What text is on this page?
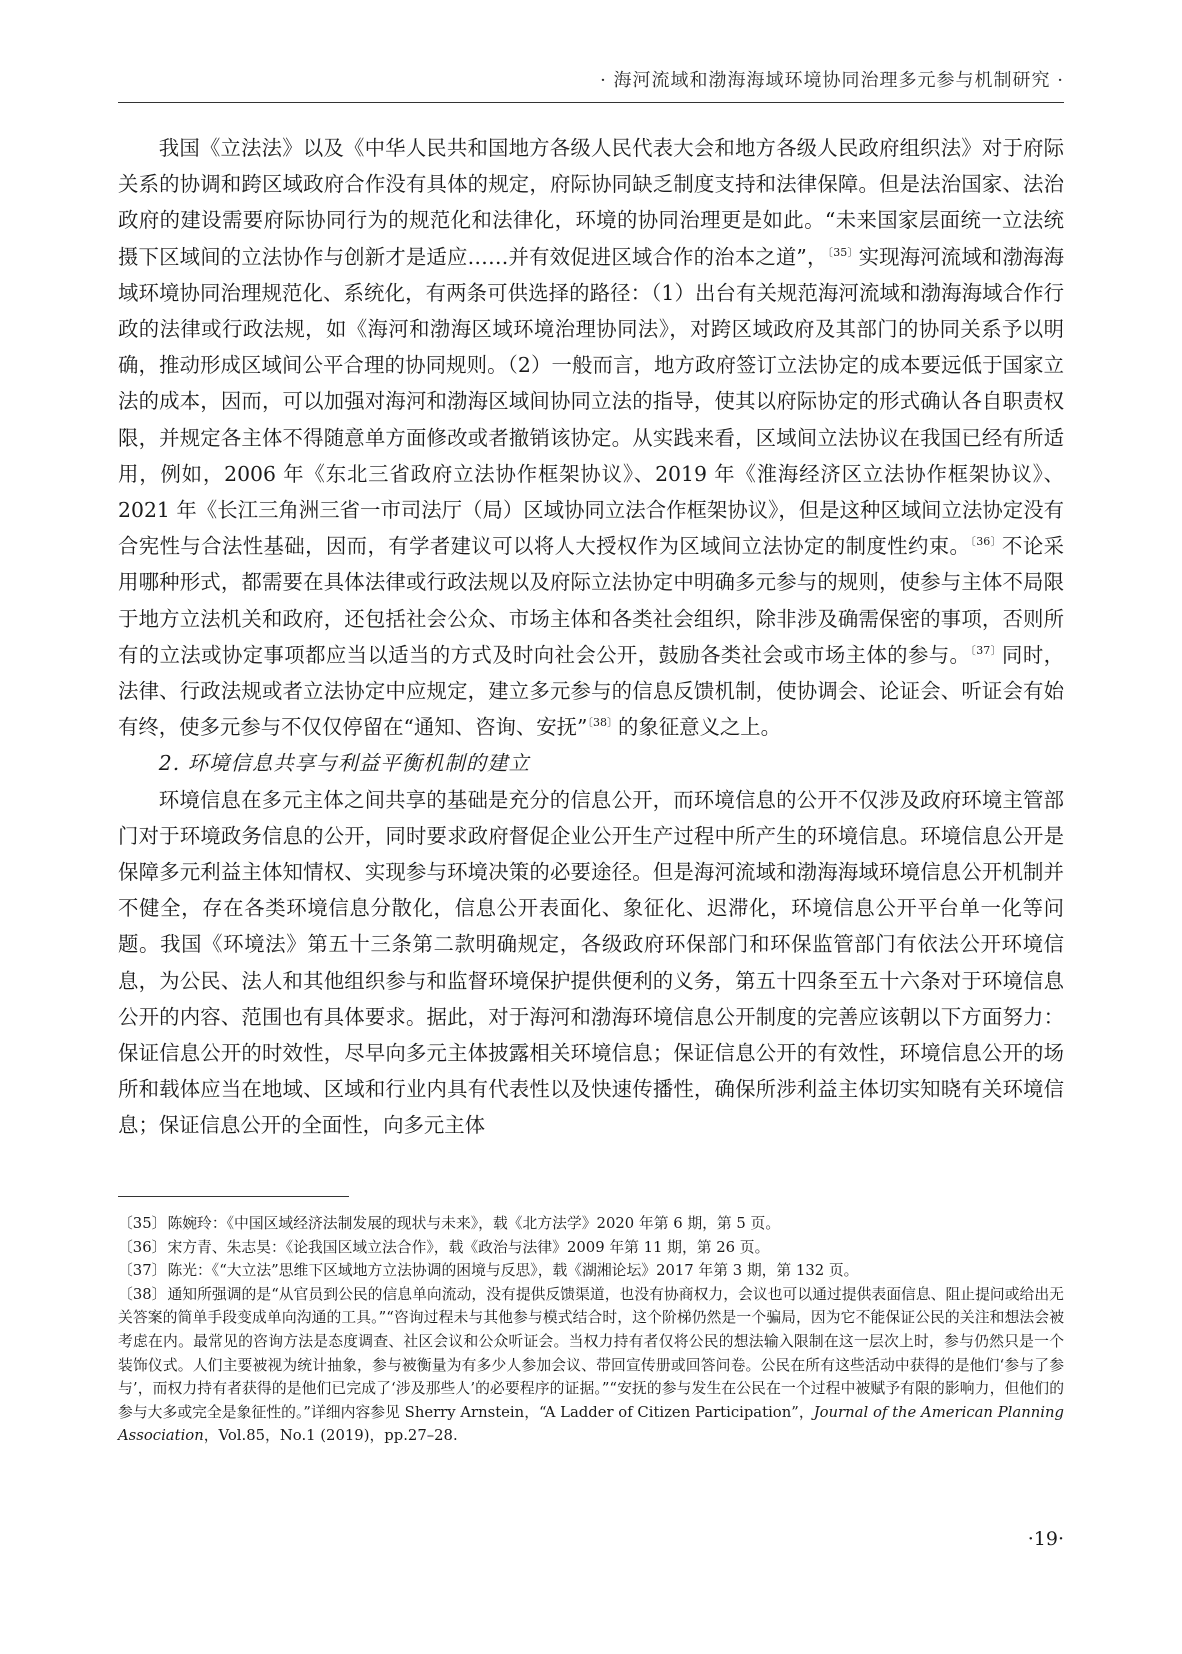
· 海河流域和渤海海域环境协同治理多元参与机制研究 ·

我国《立法法》以及《中华人民共和国地方各级人民代表大会和地方各级人民政府组织法》对于府际关系的协调和跨区域政府合作没有具体的规定，府际协同缺乏制度支持和法律保障。但是法治国家、法治政府的建设需要府际协同行为的规范化和法律化，环境的协同治理更是如此。“未来国家层面统一立法统摄下区域间的立法协作与创新才是适应……并有效促进区域合作的治本之道”，$^{〔35〕}$实现海河流域和渤海海域环境协同治理规范化、系统化，有两条可供选择的路径：（1）出台有关规范海河流域和渤海海域合作行政的法律或行政法规，如《海河和渤海区域环境治理协同法》，对跨区域政府及其部门的协同关系予以明确，推动形成区域间公平合理的协同规则。（2）一般而言，地方政府签订立法协定的成本要远低于国家立法的成本，因而，可以加强对海河和渤海区域间协同立法的指导，使其以府际协定的形式确认各自职责权限，并规定各主体不得随意单方面修改或者撤销该协定。从实践来看，区域间立法协议在我国已经有所适用，例如，2006 年《东北三省政府立法协作框架协议》、2019 年《淮海经济区立法协作框架协议》、2021 年《长江三角洲三省一市司法厅（局）区域协同立法合作框架协议》，但是这种区域间立法协定没有合宪性与合法性基础，因而，有学者建议可以将人大授权作为区域间立法协定的制度性约束。$^{〔36〕}$不论采用哪种形式，都需要在具体法律或行政法规以及府际立法协定中明确多元参与的规则，使参与主体不局限于地方立法机关和政府，还包括社会公众、市场主体和各类社会组织，除非涉及确需保密的事项，否则所有的立法或协定事项都应当以适当的方式及时向社会公开，鼓励各类社会或市场主体的参与。$^{〔37〕}$同时，法律、行政法规或者立法协定中应规定，建立多元参与的信息反馈机制，使协调会、论证会、听证会有始有终，使多元参与不仅仅停留在“通知、咨询、安抚”$^{〔38〕}$的象征意义之上。

2. 环境信息共享与利益平衡机制的建立

环境信息在多元主体之间共享的基础是充分的信息公开，而环境信息的公开不仅涉及政府环境主管部门对于环境政务信息的公开，同时要求政府督促企业公开生产过程中所产生的环境信息。环境信息公开是保障多元利益主体知情权、实现参与环境决策的必要途径。但是海河流域和渤海海域环境信息公开机制并不健全，存在各类环境信息分散化，信息公开表面化、象征化、迟滞化，环境信息公开平台单一化等问题。我国《环境法》第五十三条第二款明确规定，各级政府环保部门和环保监管部门有依法公开环境信息，为公民、法人和其他组织参与和监督环境保护提供便利的义务，第五十四条至五十六条对于环境信息公开的内容、范围也有具体要求。据此，对于海河和渤海环境信息公开制度的完善应该朝以下方面努力：保证信息公开的时效性，尽早向多元主体披露相关环境信息；保证信息公开的有效性，环境信息公开的场所和载体应当在地域、区域和行业内具有代表性以及快速传播性，确保所涉利益主体切实知晓有关环境信息；保证信息公开的全面性，向多元主体

〔35〕陈婉玲：《中国区域经济法制发展的现状与未来》，载《北方法学》2020 年第 6 期，第 5 页。

〔36〕宋方青、朱志昊：《论我国区域立法合作》，载《政治与法律》2009 年第 11 期，第 26 页。

〔37〕陈光：《“大立法”思维下区域地方立法协调的困境与反思》，载《湖湘论坛》2017 年第 3 期，第 132 页。

〔38〕通知所强调的是“从官员到公民的信息单向流动，没有提供反馈渠道，也没有协商权力，会议也可以通过提供表面信息、阻止提问或给出无关答案的简单手段变成单向沟通的工具。”“咨询过程未与其他参与模式结合时，这个阶梯仍然是一个骗局，因为它不能保证公民的关注和想法会被考虑在内。最常见的咨询方法是态度调查、社区会议和公众听证会。当权力持有者仅将公民的想法输入限制在这一层次上时，参与仍然只是一个装饰仪式。人们主要被视为统计抽象，参与被衡量为有多少人参加会议、带回宣传册或回答问卷。公民在所有这些活动中获得的是他们‘参与了参与’，而权力持有者获得的是他们已完成了‘涉及那些人’的必要程序的证据。”“安抚的参与发生在公民在一个过程中被赋予有限的影响力，但他们的参与大多或完全是象征性的。”详细内容参见 Sherry Arnstein，“A Ladder of Citizen Participation”，Journal of the American Planning Association，Vol.85，No.1 (2019)，pp.27–28.

·19·
